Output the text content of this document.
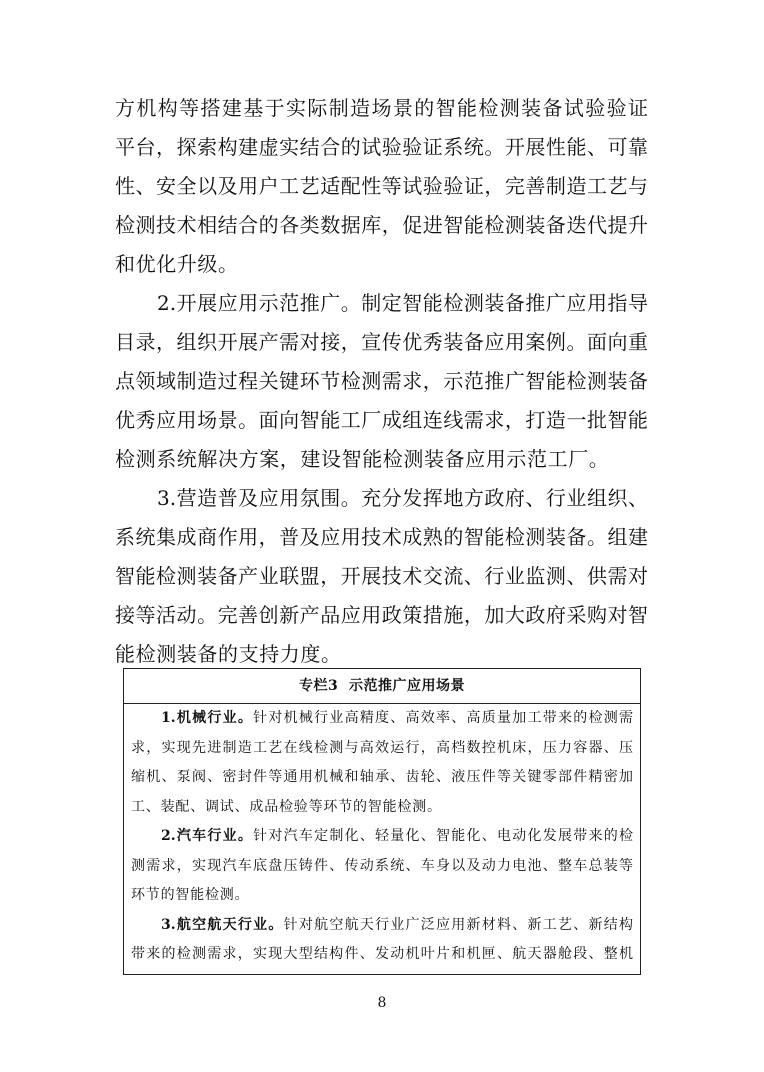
方机构等搭建基于实际制造场景的智能检测装备试验验证
平台，探索构建虚实结合的试验验证系统。开展性能、可靠
性、安全以及用户工艺适配性等试验验证，完善制造工艺与
检测技术相结合的各类数据库，促进智能检测装备迭代提升
和优化升级。
2.开展应用示范推广。制定智能检测装备推广应用指导
目录，组织开展产需对接，宣传优秀装备应用案例。面向重
点领域制造过程关键环节检测需求，示范推广智能检测装备
优秀应用场景。面向智能工厂成组连线需求，打造一批智能
检测系统解决方案，建设智能检测装备应用示范工厂。
3.营造普及应用氛围。充分发挥地方政府、行业组织、
系统集成商作用，普及应用技术成熟的智能检测装备。组建
智能检测装备产业联盟，开展技术交流、行业监测、供需对
接等活动。完善创新产品应用政策措施，加大政府采购对智
能检测装备的支持力度。
专栏3  示范推广应用场景
1.机械行业。针对机械行业高精度、高效率、高质量加工带来的检测需
求，实现先进制造工艺在线检测与高效运行，高档数控机床，压力容器、压
缩机、泵阀、密封件等通用机械和轴承、齿轮、液压件等关键零部件精密加
工、装配、调试、成品检验等环节的智能检测。
2.汽车行业。针对汽车定制化、轻量化、智能化、电动化发展带来的检
测需求，实现汽车底盘压铸件、传动系统、车身以及动力电池、整车总装等
环节的智能检测。
3.航空航天行业。针对航空航天行业广泛应用新材料、新工艺、新结构
带来的检测需求，实现大型结构件、发动机叶片和机匣、航天器舱段、整机
8
